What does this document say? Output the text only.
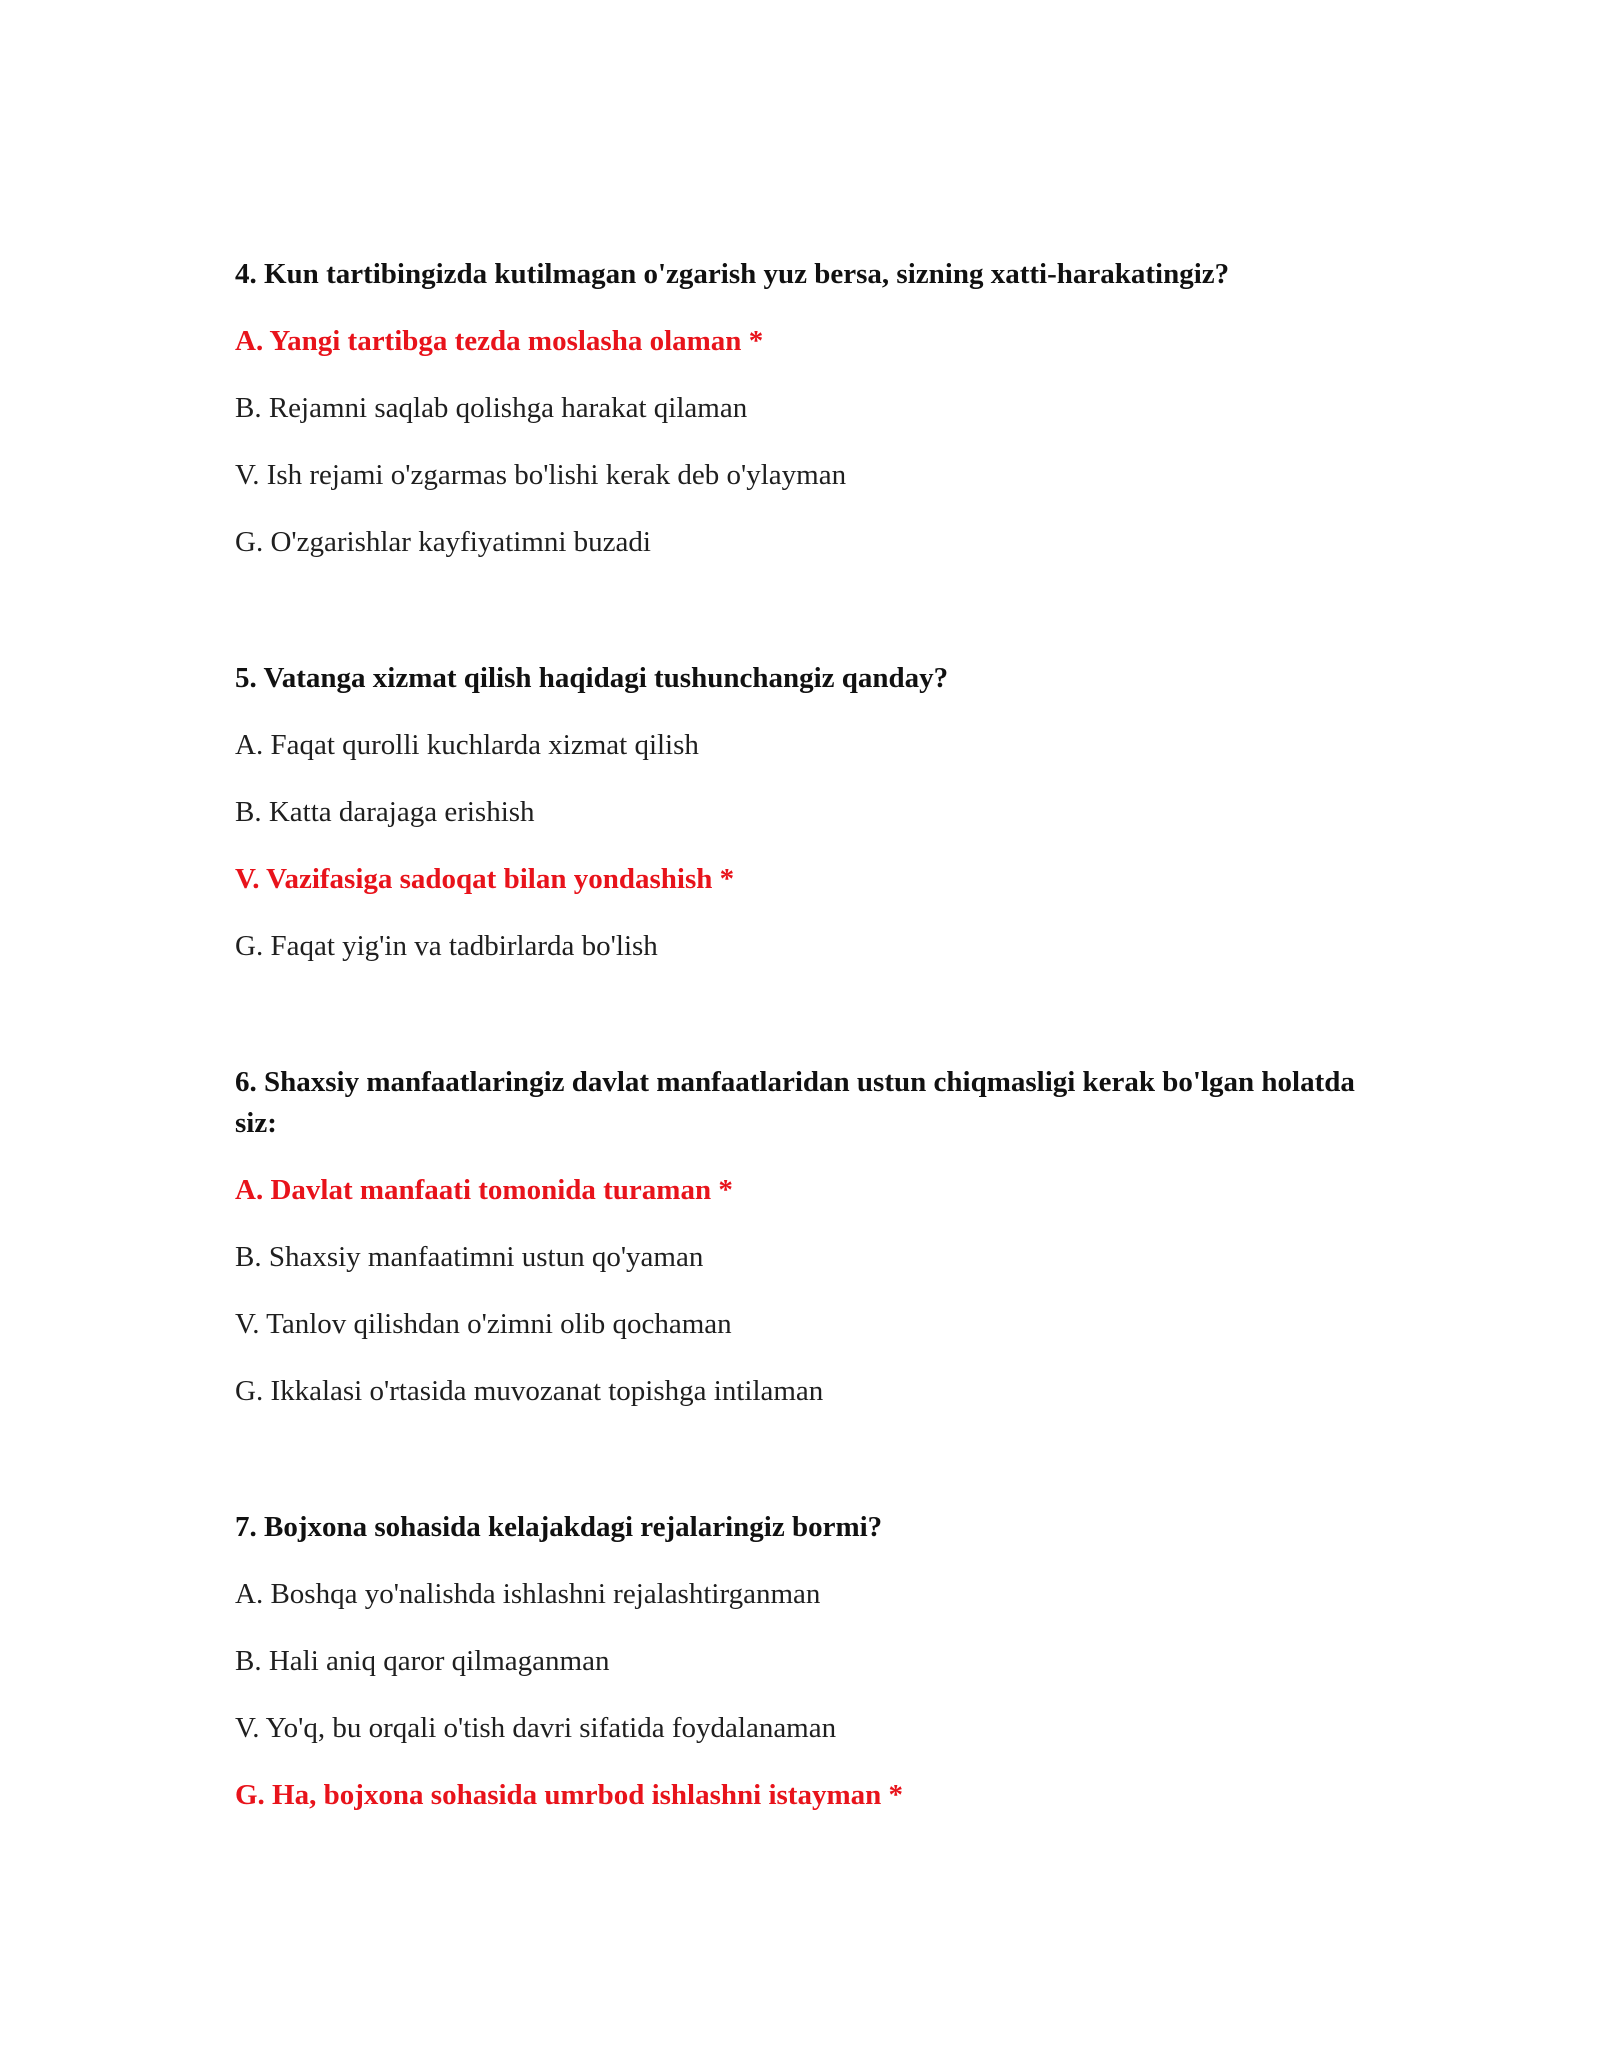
4. Kun tartibingizda kutilmagan o'zgarish yuz bersa, sizning xatti-harakatingiz?

A. Yangi tartibga tezda moslasha olaman *

B. Rejamni saqlab qolishga harakat qilaman

V. Ish rejami o'zgarmas bo'lishi kerak deb o'ylayman

G. O'zgarishlar kayfiyatimni buzadi

5. Vatanga xizmat qilish haqidagi tushunchangiz qanday?

A. Faqat qurolli kuchlarda xizmat qilish

B. Katta darajaga erishish

V. Vazifasiga sadoqat bilan yondashish *

G. Faqat yig'in va tadbirlarda bo'lish

6. Shaxsiy manfaatlaringiz davlat manfaatlaridan ustun chiqmasligi kerak bo'lgan holatda siz:

A. Davlat manfaati tomonida turaman *

B. Shaxsiy manfaatimni ustun qo'yaman

V. Tanlov qilishdan o'zimni olib qochaman

G. Ikkalasi o'rtasida muvozanat topishga intilaman

7. Bojxona sohasida kelajakdagi rejalaringiz bormi?

A. Boshqa yo'nalishda ishlashni rejalashtirganman

B. Hali aniq qaror qilmaganman

V. Yo'q, bu orqali o'tish davri sifatida foydalanaman

G. Ha, bojxona sohasida umrbod ishlashni istayman *
